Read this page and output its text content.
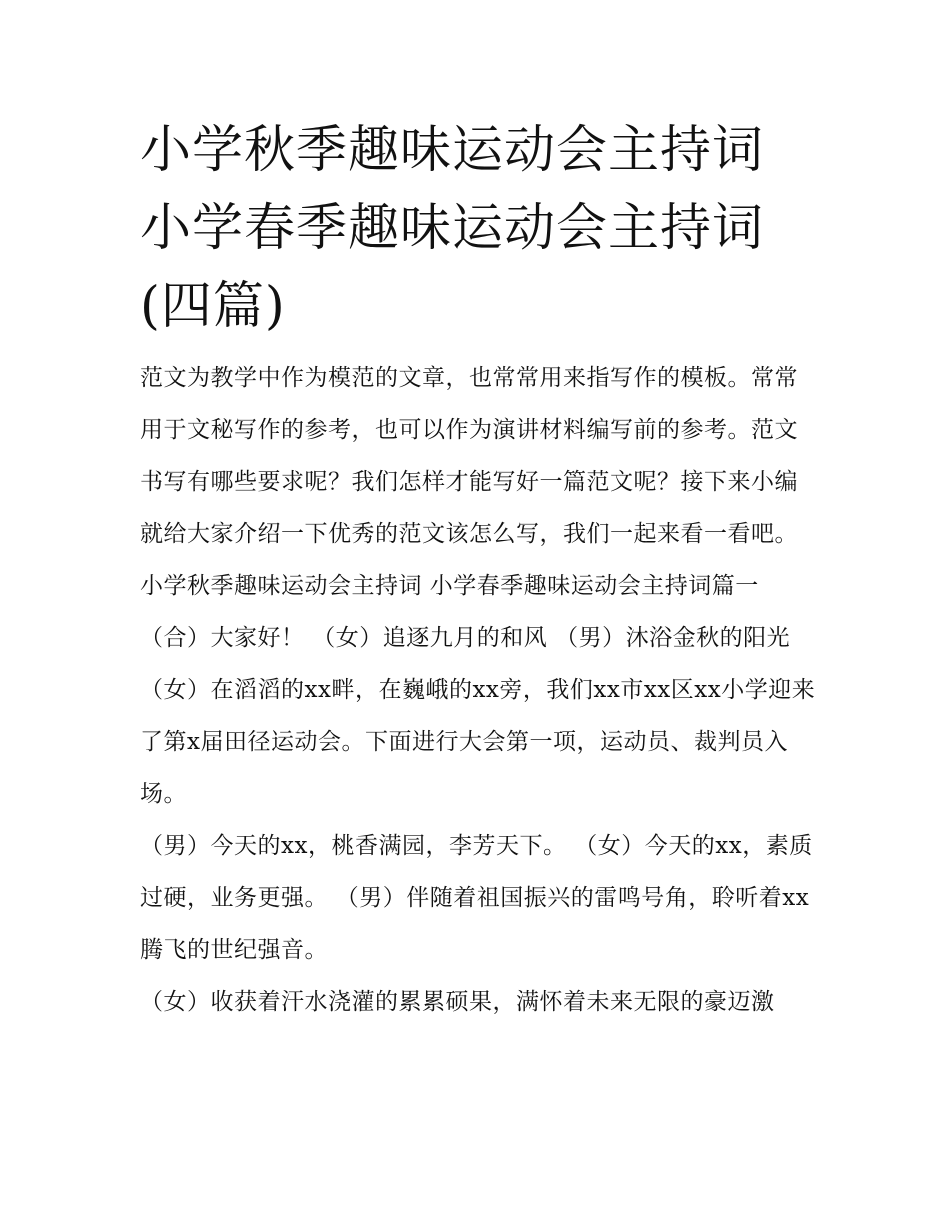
小学秋季趣味运动会主持词 小学春季趣味运动会主持词(四篇)

范文为教学中作为模范的文章，也常常用来指写作的模板。常常用于文秘写作的参考，也可以作为演讲材料编写前的参考。范文书写有哪些要求呢？我们怎样才能写好一篇范文呢？接下来小编就给大家介绍一下优秀的范文该怎么写，我们一起来看一看吧。

小学秋季趣味运动会主持词 小学春季趣味运动会主持词篇一

（合）大家好！ （女）追逐九月的和风 （男）沐浴金秋的阳光

（女）在滔滔的xx畔，在巍峨的xx旁，我们xx市xx区xx小学迎来了第x届田径运动会。下面进行大会第一项，运动员、裁判员入场。

（男）今天的xx，桃香满园，李芳天下。 （女）今天的xx，素质过硬，业务更强。 （男）伴随着祖国振兴的雷鸣号角，聆听着xx腾飞的世纪强音。

（女）收获着汗水浇灌的累累硕果，满怀着未来无限的豪迈激
